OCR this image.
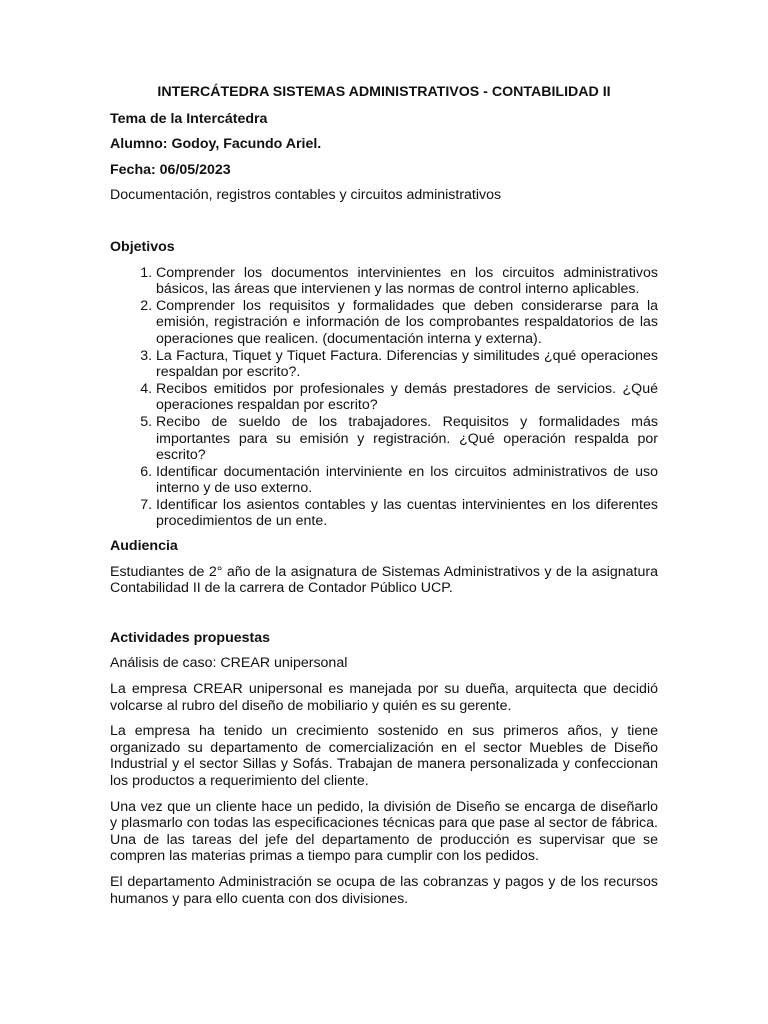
INTERCÁTEDRA SISTEMAS ADMINISTRATIVOS - CONTABILIDAD II
Tema de la Intercátedra
Alumno: Godoy, Facundo Ariel.
Fecha: 06/05/2023
Documentación, registros contables y circuitos administrativos
Objetivos
1. Comprender los documentos intervinientes en los circuitos administrativos básicos, las áreas que intervienen y las normas de control interno aplicables.
2. Comprender los requisitos y formalidades que deben considerarse para la emisión, registración e información de los comprobantes respaldatorios de las operaciones que realicen. (documentación interna y externa).
3. La Factura, Tiquet y Tiquet Factura. Diferencias y similitudes ¿qué operaciones respaldan por escrito?.
4. Recibos emitidos por profesionales y demás prestadores de servicios. ¿Qué operaciones respaldan por escrito?
5. Recibo de sueldo de los trabajadores. Requisitos y formalidades más importantes para su emisión y registración. ¿Qué operación respalda por escrito?
6. Identificar documentación interviniente en los circuitos administrativos de uso interno y de uso externo.
7. Identificar los asientos contables y las cuentas intervinientes en los diferentes procedimientos de un ente.
Audiencia
Estudiantes de 2° año de la asignatura de Sistemas Administrativos y de la asignatura Contabilidad II de la carrera de Contador Público UCP.
Actividades propuestas
Análisis de caso: CREAR unipersonal
La empresa CREAR unipersonal es manejada por su dueña, arquitecta que decidió volcarse al rubro del diseño de mobiliario y quién es su gerente.
La empresa ha tenido un crecimiento sostenido en sus primeros años, y tiene organizado su departamento de comercialización en el sector Muebles de Diseño Industrial y el sector Sillas y Sofás. Trabajan de manera personalizada y confeccionan los productos a requerimiento del cliente.
Una vez que un cliente hace un pedido, la división de Diseño se encarga de diseñarlo y plasmarlo con todas las especificaciones técnicas para que pase al sector de fábrica. Una de las tareas del jefe del departamento de producción es supervisar que se compren las materias primas a tiempo para cumplir con los pedidos.
El departamento Administración se ocupa de las cobranzas y pagos y de los recursos humanos y para ello cuenta con dos divisiones.
